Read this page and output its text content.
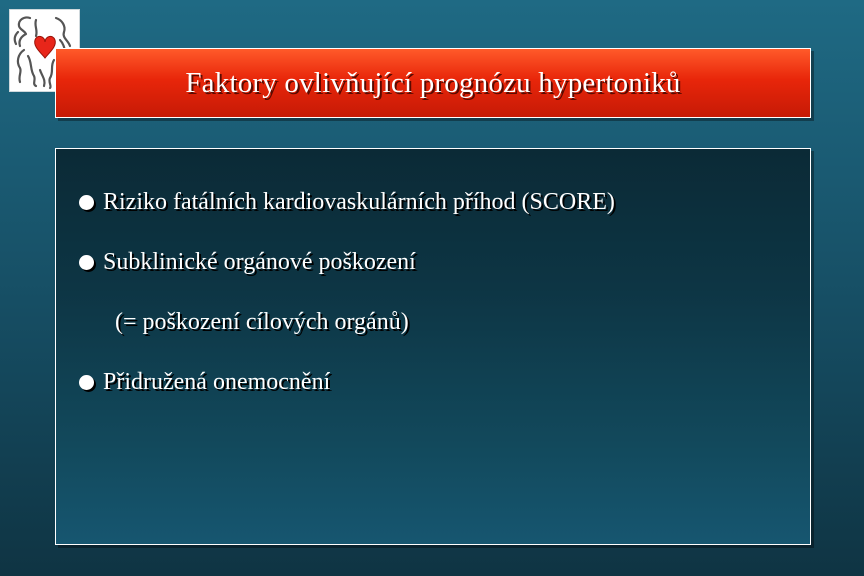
Faktory ovlivňující prognózu hypertoniků
Riziko fatálních kardiovaskulárních příhod (SCORE)
Subklinické orgánové poškození
(= poškození cílových orgánů)
Přidružená onemocnění
